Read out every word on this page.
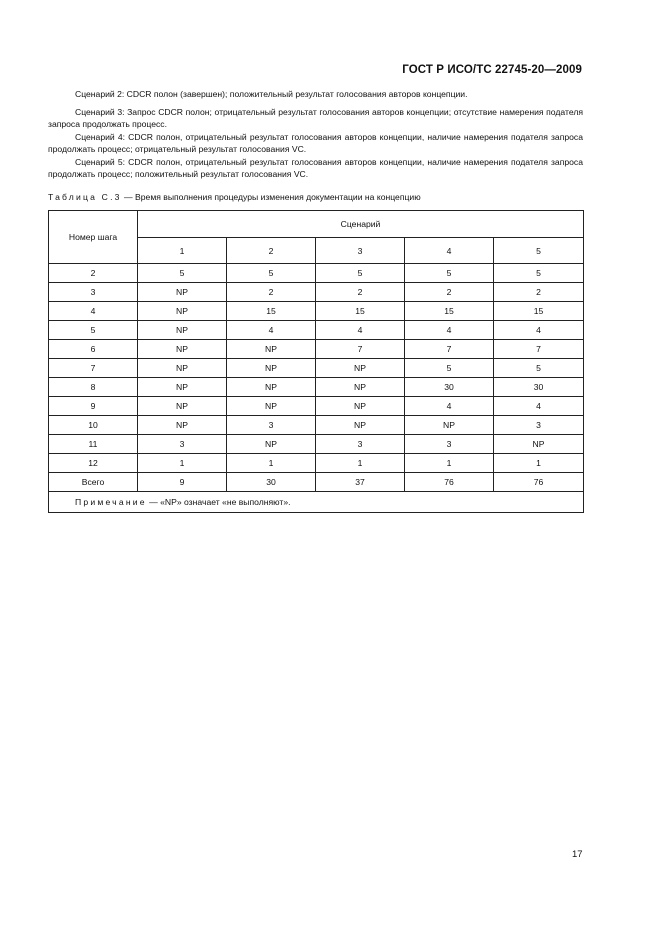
ГОСТ Р ИСО/ТС 22745-20—2009

Сценарий 2: CDCR полон (завершен); положительный результат голосования авторов концепции.

Сценарий 3: Запрос CDCR полон; отрицательный результат голосования авторов концепции; отсутствие намерения подателя запроса продолжать процесс.

Сценарий 4: CDCR полон, отрицательный результат голосования авторов концепции, наличие намерения подателя запроса продолжать процесс; отрицательный результат голосования VC.

Сценарий 5: CDCR полон, отрицательный результат голосования авторов концепции, наличие намерения подателя запроса продолжать процесс; положительный результат голосования VC.

Таблица С.3 — Время выполнения процедуры изменения документации на концепцию
Номер шага	Сценарий				
	1	2	3	4	5
2	5	5	5	5	5
3	NP	2	2	2	2
4	NP	15	15	15	15
5	NP	4	4	4	4
6	NP	NP	7	7	7
7	NP	NP	NP	5	5
8	NP	NP	NP	30	30
9	NP	NP	NP	4	4
10	NP	3	NP	NP	3
11	3	NP	3	3	NP
12	1	1	1	1	1
Всего	9	30	37	76	76
Примечание — «NP» означает «не выполняют».					
17
